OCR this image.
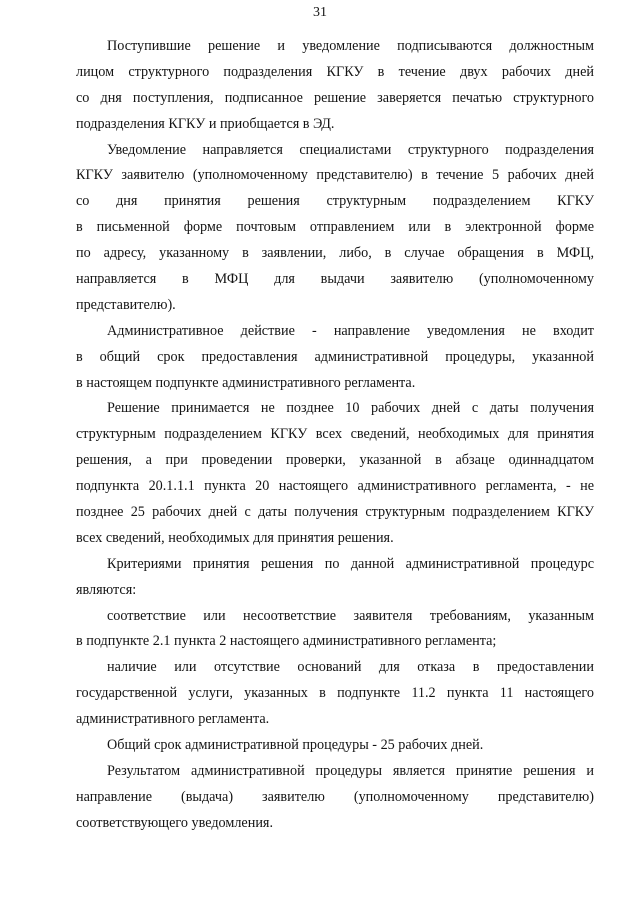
31
Поступившие решение и уведомление подписываются должностным
лицом структурного подразделения КГКУ в течение двух рабочих дней
со дня поступления, подписанное решение заверяется печатью структурного
подразделения КГКУ и приобщается в ЭД.
Уведомление направляется специалистами структурного подразделения
КГКУ заявителю (уполномоченному представителю) в течение 5 рабочих дней
со дня принятия решения структурным подразделением КГКУ
в письменной форме почтовым отправлением или в электронной форме
по адресу, указанному в заявлении, либо, в случае обращения в МФЦ,
направляется в МФЦ для выдачи заявителю (уполномоченному
представителю).
Административное действие - направление уведомления не входит
в общий срок предоставления административной процедуры, указанной
в настоящем подпункте административного регламента.
Решение принимается не позднее 10 рабочих дней с даты получения
структурным подразделением КГКУ всех сведений, необходимых для принятия
решения, а при проведении проверки, указанной в абзаце одиннадцатом
подпункта 20.1.1.1 пункта 20 настоящего административного регламента, - не
позднее 25 рабочих дней с даты получения структурным подразделением КГКУ
всех сведений, необходимых для принятия решения.
Критериями принятия решения по данной административной процедурс
являются:
соответствие или несоответствие заявителя требованиям, указанным
в подпункте 2.1 пункта 2 настоящего административного регламента;
наличие или отсутствие оснований для отказа в предоставлении
государственной услуги, указанных в подпункте 11.2 пункта 11 настоящего
административного регламента.
Общий срок административной процедуры - 25 рабочих дней.
Результатом административной процедуры является принятие решения и
направление (выдача) заявителю (уполномоченному представителю)
соответствующего уведомления.
